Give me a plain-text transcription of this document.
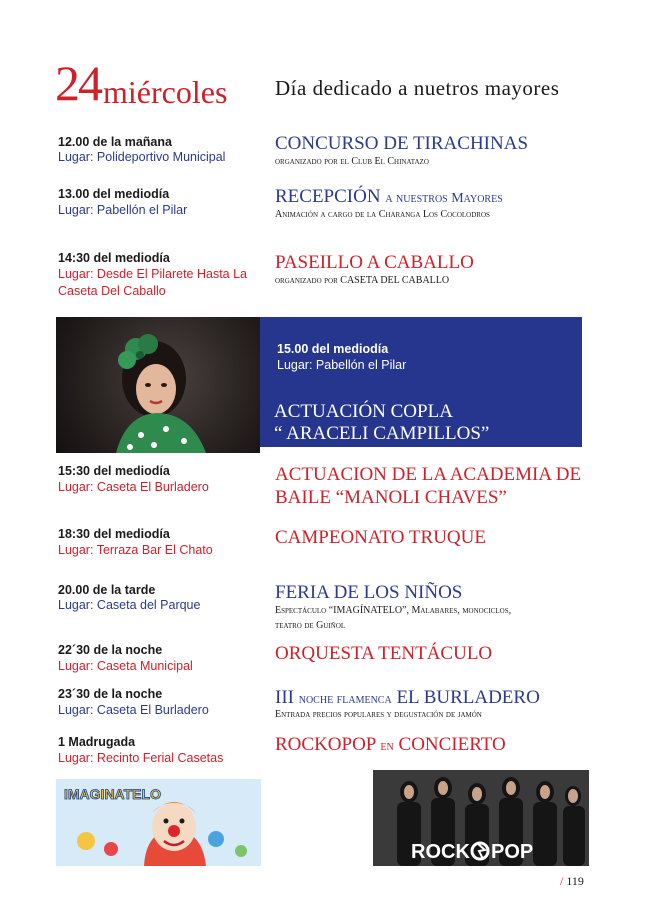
24 miércoles Día dedicado a nuetros mayores
12.00 de la mañana
Lugar: Polideportivo Municipal
CONCURSO DE TIRACHINAS
organizado por el Club El Chinatazo
13.00 del mediodía
Lugar: Pabellón el Pilar
RECEPCIÓN a nuestros Mayores
Animación a cargo de la Charanga Los Cocolodros
14:30 del mediodía
Lugar: Desde El Pilarete Hasta La Caseta Del Caballo
PASEILLO A CABALLO
organizado por CASETA DEL CABALLO
15.00 del mediodía
Lugar: Pabellón el Pilar
ACTUACIÓN COPLA
“ ARACELI CAMPILLOS”
15:30 del mediodía
Lugar: Caseta El Burladero
ACTUACION DE LA ACADEMIA DE
BAILE “MANOLI CHAVES”
18:30 del mediodía
Lugar: Terraza Bar El Chato
CAMPEONATO TRUQUE
20.00 de la tarde
Lugar: Caseta del Parque
FERIA DE LOS NIÑOS
Espectáculo “IMAGÍNATELO”, Malabares, monociclos,
teatro de Guiñol
22´30 de la noche
Lugar: Caseta Municipal
ORQUESTA TENTÁCULO
23´30 de la noche
Lugar: Caseta El Burladero
III noche flamenca EL BURLADERO
Entrada precios populares y degustación de jamón
1 Madrugada
Lugar: Recinto Ferial Casetas
ROCKOPOP en CONCIERTO
IMAGINATELO
ROCK POP
/ 119
